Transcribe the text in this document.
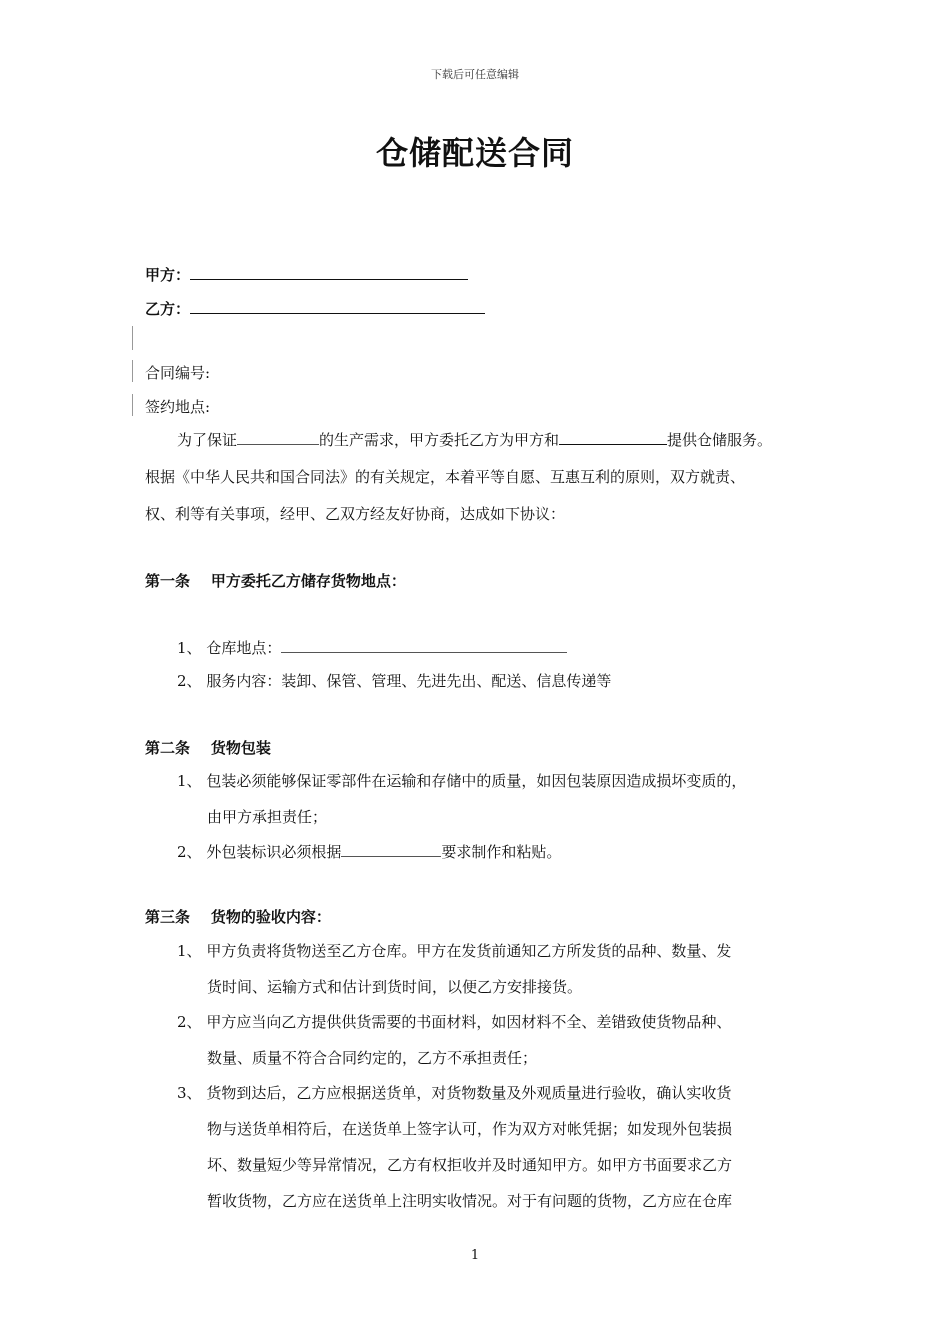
下载后可任意编辑
仓储配送合同
甲方：
乙方：
合同编号:
签约地点:
为了保证	的生产需求，甲方委托乙方为甲方和	提供仓储服务。
根据《中华人民共和国合同法》的有关规定，本着平等自愿、互惠互利的原则，双方就责、
权、利等有关事项，经甲、乙双方经友好协商，达成如下协议：
第一条    甲方委托乙方储存货物地点：
1、 仓库地点：
2、 服务内容：装卸、保管、管理、先进先出、配送、信息传递等
第二条    货物包装
1、 包装必须能够保证零部件在运输和存储中的质量，如因包装原因造成损坏变质的，
由甲方承担责任；
2、 外包装标识必须根据	要求制作和粘贴。
第三条    货物的验收内容：
1、 甲方负责将货物送至乙方仓库。甲方在发货前通知乙方所发货的品种、数量、发
货时间、运输方式和估计到货时间，以便乙方安排接货。
2、 甲方应当向乙方提供供货需要的书面材料，如因材料不全、差错致使货物品种、
数量、质量不符合合同约定的，乙方不承担责任；
3、 货物到达后，乙方应根据送货单，对货物数量及外观质量进行验收，确认实收货
物与送货单相符后，在送货单上签字认可，作为双方对帐凭据；如发现外包装损
坏、数量短少等异常情况，乙方有权拒收并及时通知甲方。如甲方书面要求乙方
暂收货物，乙方应在送货单上注明实收情况。对于有问题的货物，乙方应在仓库
1
